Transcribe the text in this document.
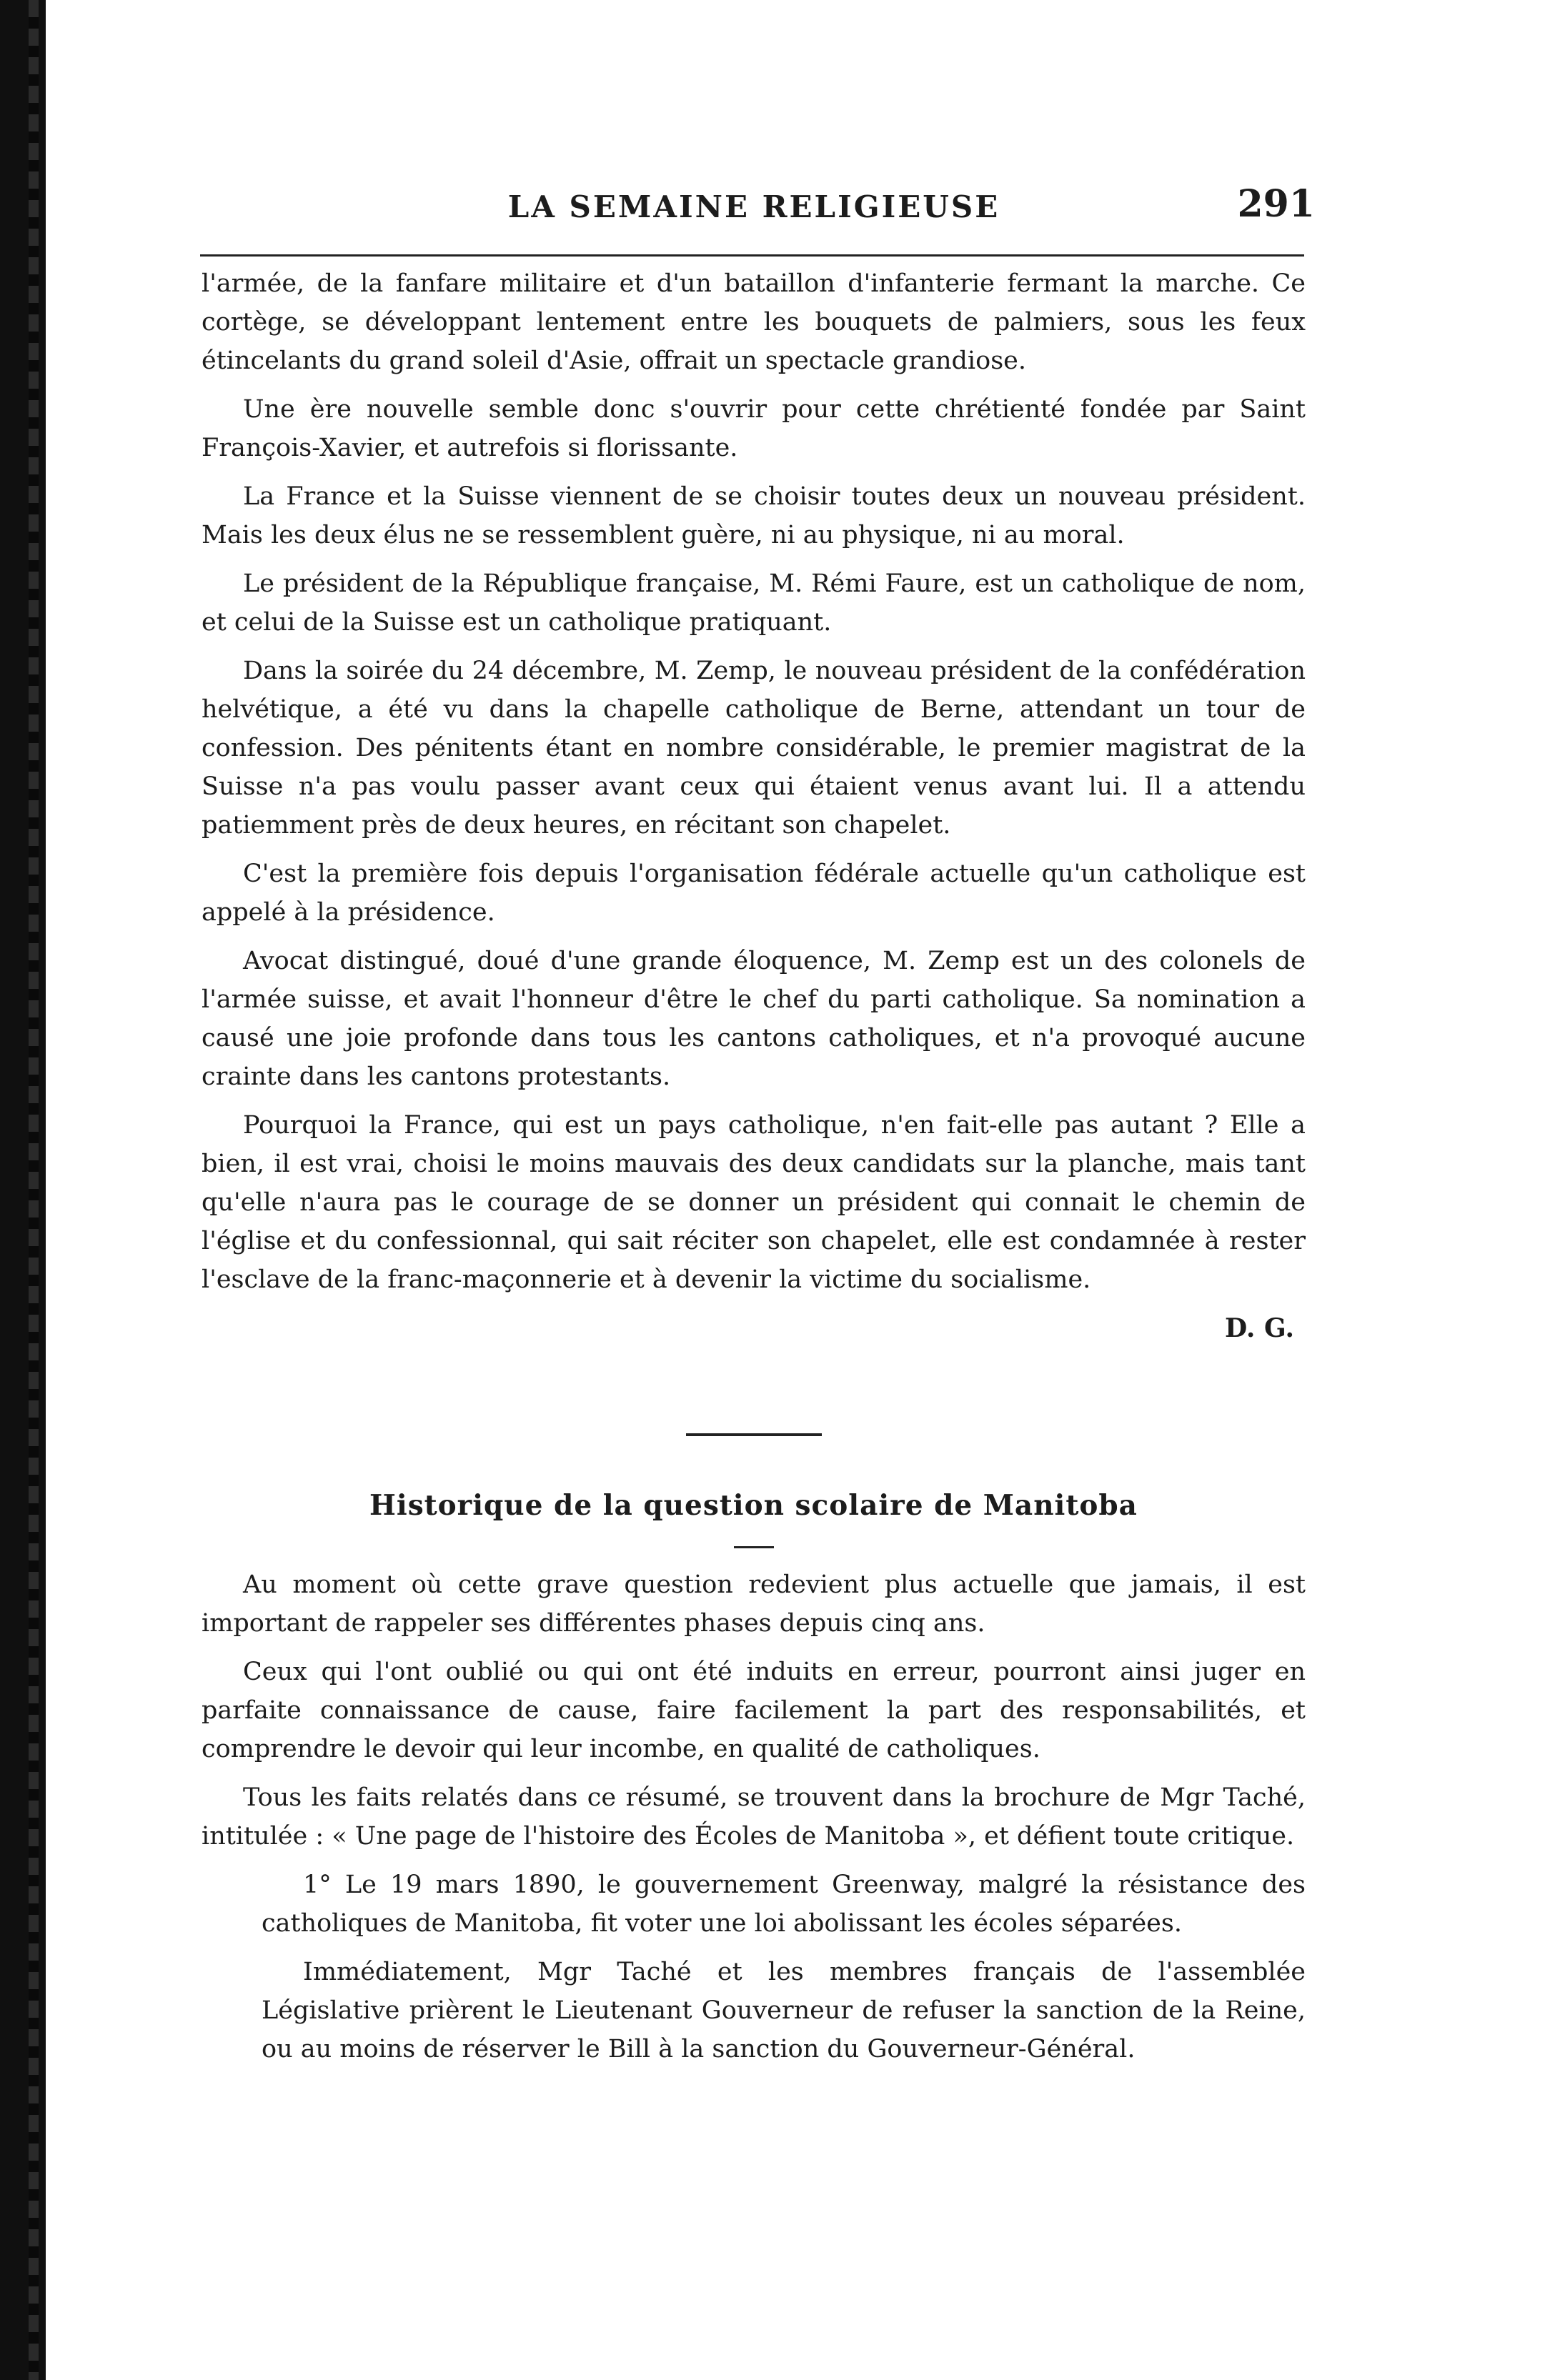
LA SEMAINE RELIGIEUSE	291

l'armée, de la fanfare militaire et d'un bataillon d'infanterie fermant la marche. Ce cortège, se développant lentement entre les bouquets de palmiers, sous les feux étincelants du grand soleil d'Asie, offrait un spectacle grandiose.

Une ère nouvelle semble donc s'ouvrir pour cette chrétienté fondée par Saint François-Xavier, et autrefois si florissante.

La France et la Suisse viennent de se choisir toutes deux un nouveau président. Mais les deux élus ne se ressemblent guère, ni au physique, ni au moral.

Le président de la République française, M. Rémi Faure, est un catholique de nom, et celui de la Suisse est un catholique pratiquant.

Dans la soirée du 24 décembre, M. Zemp, le nouveau président de la confédération helvétique, a été vu dans la chapelle catholique de Berne, attendant un tour de confession. Des pénitents étant en nombre considérable, le premier magistrat de la Suisse n'a pas voulu passer avant ceux qui étaient venus avant lui. Il a attendu patiemment près de deux heures, en récitant son chapelet.

C'est la première fois depuis l'organisation fédérale actuelle qu'un catholique est appelé à la présidence.

Avocat distingué, doué d'une grande éloquence, M. Zemp est un des colonels de l'armée suisse, et avait l'honneur d'être le chef du parti catholique. Sa nomination a causé une joie profonde dans tous les cantons catholiques, et n'a provoqué aucune crainte dans les cantons protestants.

Pourquoi la France, qui est un pays catholique, n'en fait-elle pas autant ? Elle a bien, il est vrai, choisi le moins mauvais des deux candidats sur la planche, mais tant qu'elle n'aura pas le courage de se donner un président qui connait le chemin de l'église et du confessionnal, qui sait réciter son chapelet, elle est condamnée à rester l'esclave de la franc-maçonnerie et à devenir la victime du socialisme.

D. G.
Historique de la question scolaire de Manitoba

Au moment où cette grave question redevient plus actuelle que jamais, il est important de rappeler ses différentes phases depuis cinq ans.

Ceux qui l'ont oublié ou qui ont été induits en erreur, pourront ainsi juger en parfaite connaissance de cause, faire facilement la part des responsabilités, et comprendre le devoir qui leur incombe, en qualité de catholiques.

Tous les faits relatés dans ce résumé, se trouvent dans la brochure de Mgr Taché, intitulée : « Une page de l'histoire des Écoles de Manitoba », et défient toute critique.

1° Le 19 mars 1890, le gouvernement Greenway, malgré la résistance des catholiques de Manitoba, fit voter une loi abolissant les écoles séparées.

Immédiatement, Mgr Taché et les membres français de l'assemblée Législative prièrent le Lieutenant Gouverneur de refuser la sanction de la Reine, ou au moins de réserver le Bill à la sanction du Gouverneur-Général.
